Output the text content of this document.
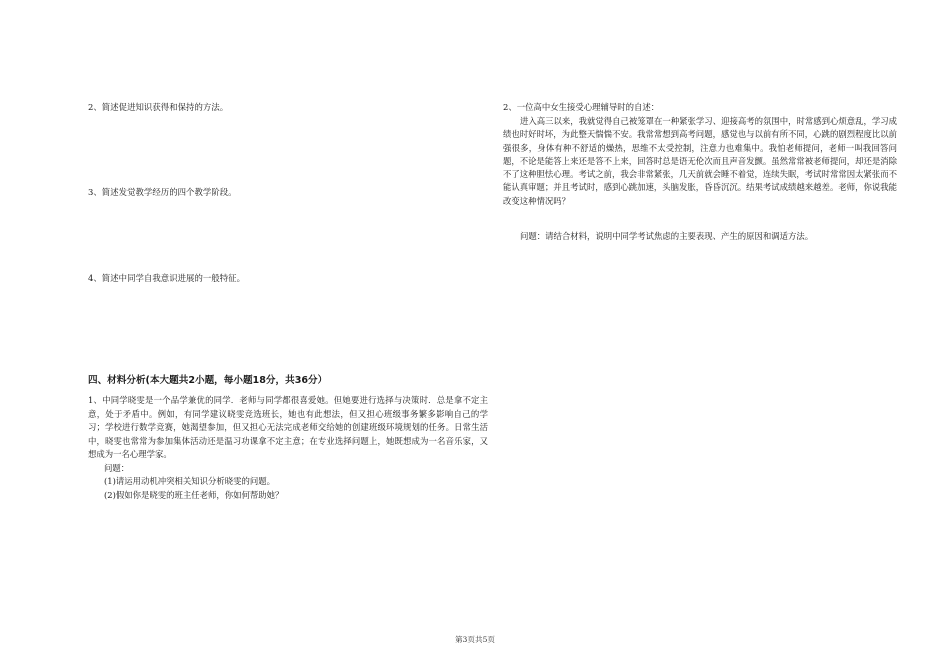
2、简述促进知识获得和保持的方法。
3、简述发觉教学经历的四个教学阶段。
4、简述中同学自我意识进展的一般特征。
四、材料分析(本大题共2小题，每小题18分，共36分）

1、中同学晓雯是一个品学兼优的同学．老师与同学都很喜爱她。但她要进行选择与决策时．总是拿不定主意，处于矛盾中。例如，有同学建议晓雯竞选班长，她也有此想法，但又担心班级事务繁多影响自己的学习；学校进行数学竞赛，她渴望参加，但又担心无法完成老师交给她的创建班级环境规划的任务。日常生活中，晓雯也常常为参加集体活动还是温习功课拿不定主意；在专业选择问题上，她既想成为一名音乐家，又想成为一名心理学家。

问题：

(1)请运用动机冲突相关知识分析晓雯的问题。

(2)假如你是晓雯的班主任老师，你如何帮助她？

2、一位高中女生接受心理辅导时的自述：

进入高三以来，我就觉得自己被笼罩在一种紧张学习、迎接高考的氛围中，时常感到心烦意乱，学习成绩也时好时坏，为此整天惴惴不安。我常常想到高考问题，感觉也与以前有所不同，心跳的剧烈程度比以前强很多，身体有种不舒适的燥热，思维不太受控制，注意力也难集中。我怕老师提问，老师一叫我回答问题，不论是能答上来还是答不上来，回答时总是语无伦次而且声音发颤。虽然常常被老师提问，却还是消除不了这种胆怯心理。考试之前，我会非常紧张，几天前就会睡不着觉，连续失眠，考试时常常因太紧张而不能认真审题；并且考试时，感到心跳加速，头脑发胀，昏昏沉沉。结果考试成绩越来越差。老师，你说我能改变这种情况吗？

问题：请结合材料，说明中同学考试焦虑的主要表现、产生的原因和调适方法。
第3页共5页
